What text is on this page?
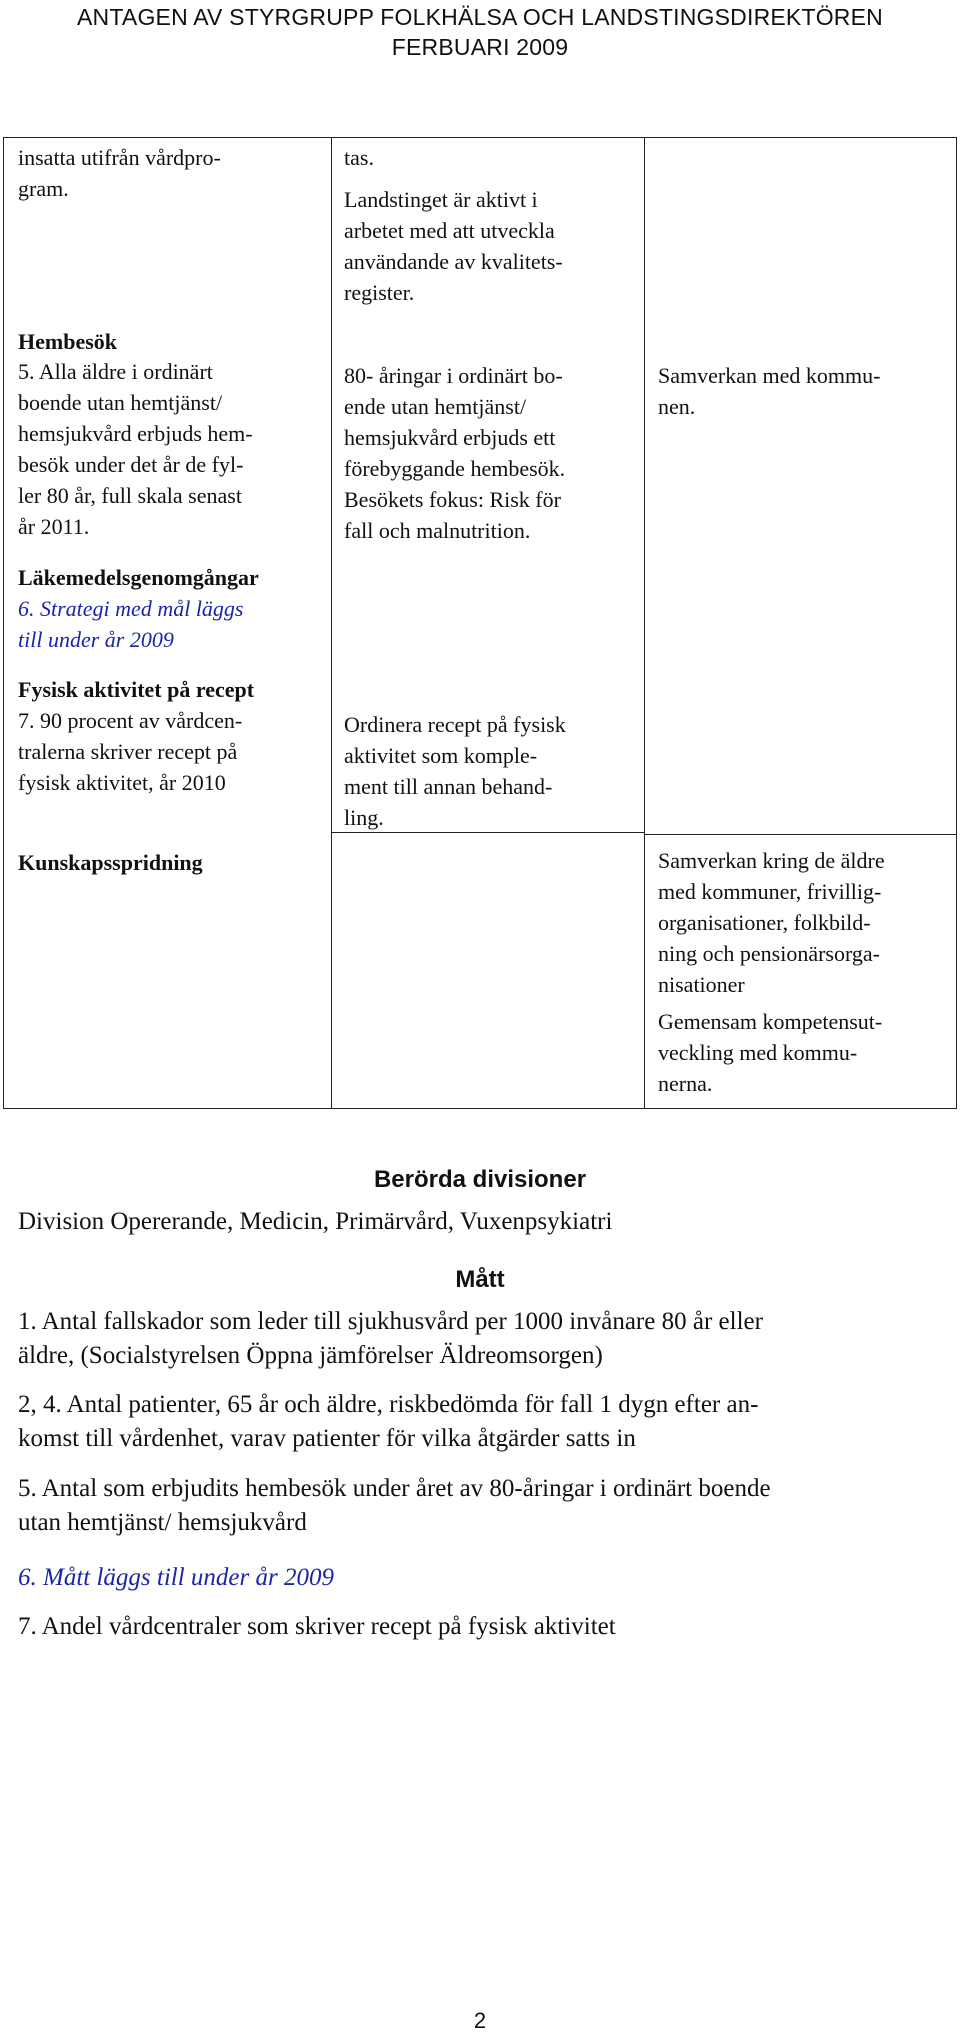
ANTAGEN AV STYRGRUPP FOLKHÄLSA OCH LANDSTINGSDIREKTÖREN
FERBUARI 2009
insatta utifrån vårdpro-
gram.
Hembesök
5. Alla äldre i ordinärt
boende utan hemtjänst/
hemsjukvård erbjuds hem-
besök under det år de fyl-
ler 80 år, full skala senast
år 2011.
Läkemedelsgenomgångar
6. Strategi med mål läggs
till under år 2009
Fysisk aktivitet på recept
7. 90 procent av vårdcen-
tralerna skriver recept på
fysisk aktivitet, år 2010
Kunskapsspridning
tas.
Landstinget är aktivt i
arbetet med att utveckla
användande av kvalitets-
register.
80- åringar i ordinärt bo-
ende utan hemtjänst/
hemsjukvård erbjuds ett
förebyggande hembesök.
Besökets fokus: Risk för
fall och malnutrition.
Ordinera recept på fysisk
aktivitet som komple-
ment till annan behand-
ling.
Samverkan med kommu-
nen.
Samverkan kring de äldre
med kommuner, frivillig-
organisationer, folkbild-
ning och pensionärsorga-
nisationer
Gemensam kompetensut-
veckling med kommu-
nerna.
Berörda divisioner
Division Opererande, Medicin, Primärvård, Vuxenpsykiatri
Mått
1. Antal fallskador som leder till sjukhusvård per 1000 invånare 80 år eller
äldre, (Socialstyrelsen Öppna jämförelser Äldreomsorgen)
2, 4. Antal patienter, 65 år och äldre, riskbedömda för fall 1 dygn efter an-
komst till vårdenhet, varav patienter för vilka åtgärder satts in
5. Antal som erbjudits hembesök under året av 80-åringar i ordinärt boende
utan hemtjänst/ hemsjukvård
6. Mått läggs till under år 2009
7. Andel vårdcentraler som skriver recept på fysisk aktivitet
2
